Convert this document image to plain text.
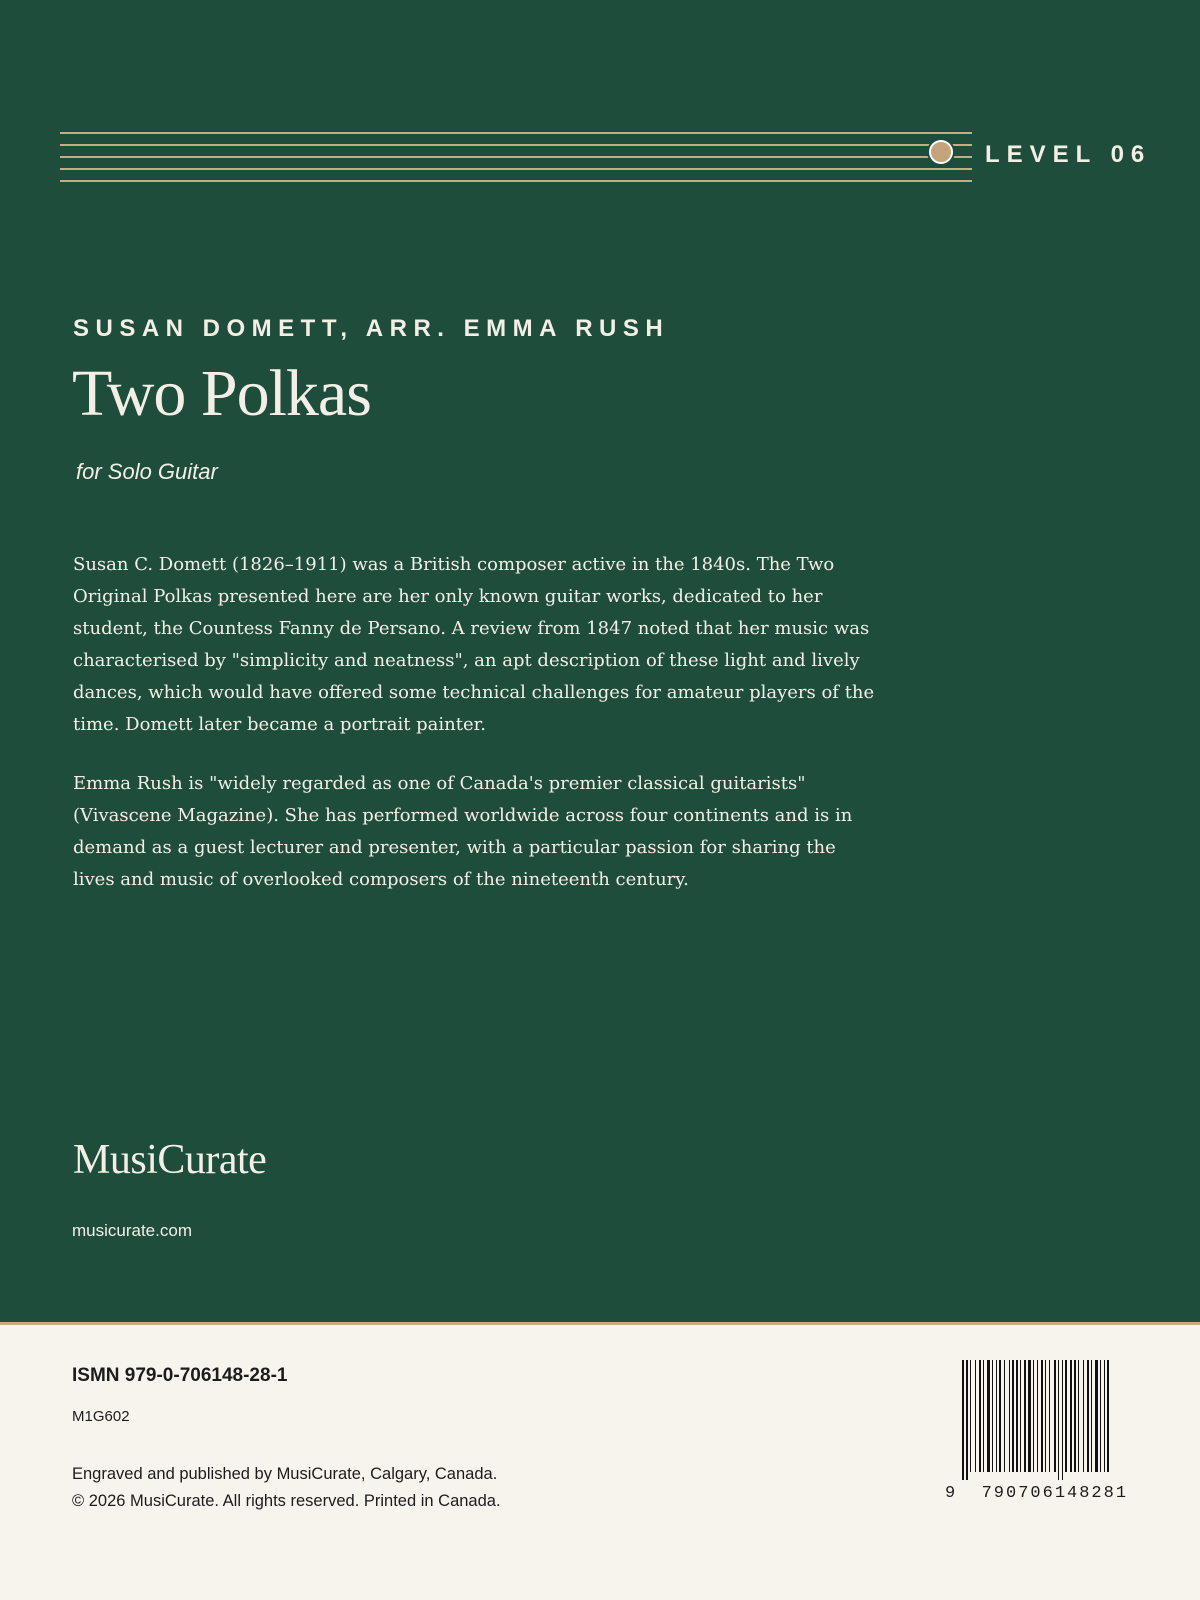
LEVEL 06
SUSAN DOMETT, ARR. EMMA RUSH
Two Polkas
for Solo Guitar

Susan C. Domett (1826–1911) was a British composer active in the 1840s. The Two Original Polkas presented here are her only known guitar works, dedicated to her student, the Countess Fanny de Persano. A review from 1847 noted that her music was characterised by "simplicity and neatness", an apt description of these light and lively dances, which would have offered some technical challenges for amateur players of the time. Domett later became a portrait painter.

Emma Rush is "widely regarded as one of Canada's premier classical guitarists" (Vivascene Magazine). She has performed worldwide across four continents and is in demand as a guest lecturer and presenter, with a particular passion for sharing the lives and music of overlooked composers of the nineteenth century.

MusiCurate
musicurate.com
ISMN 979-0-706148-28-1
M1G602
Engraved and published by MusiCurate, Calgary, Canada.
© 2026 MusiCurate. All rights reserved. Printed in Canada.	9  790706148281
